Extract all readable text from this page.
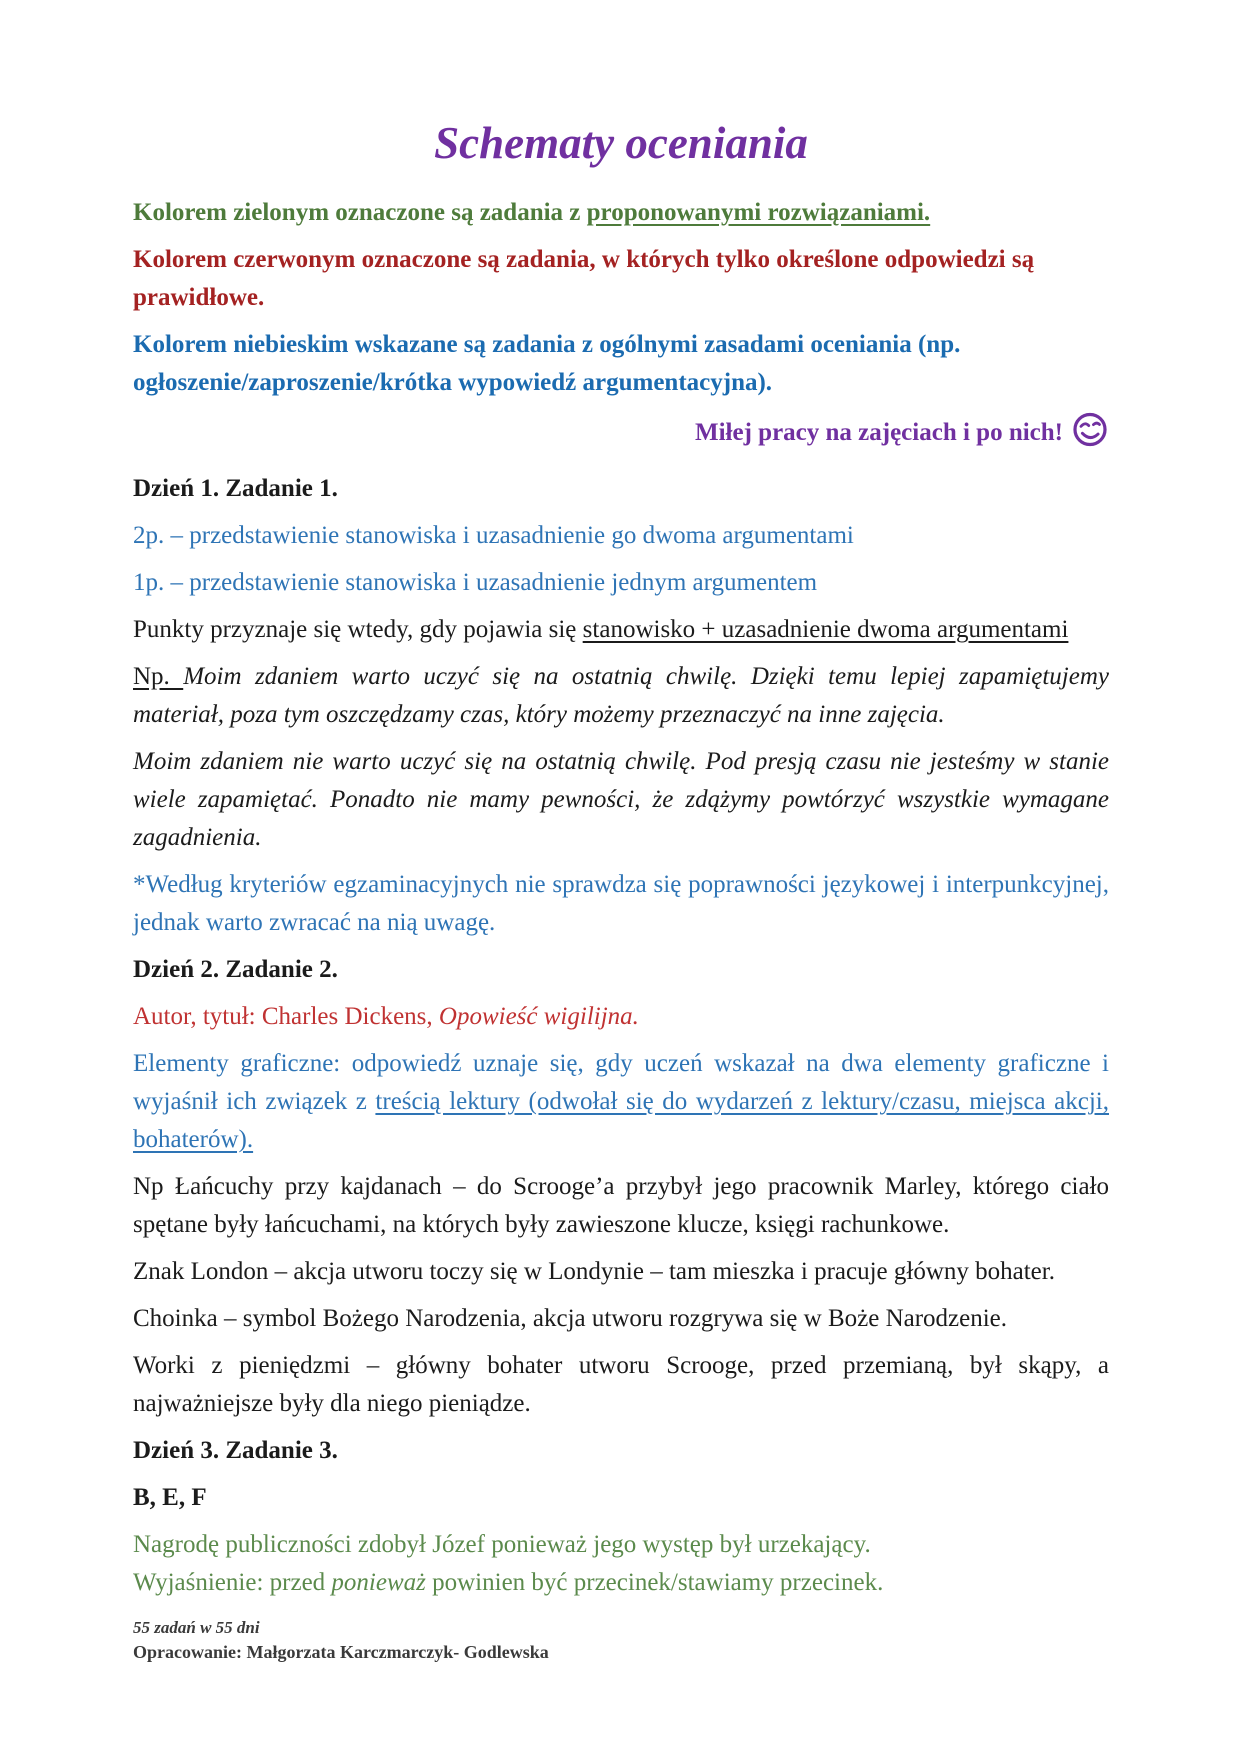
Schematy oceniania
Kolorem zielonym oznaczone są zadania z proponowanymi rozwiązaniami.
Kolorem czerwonym oznaczone są zadania, w których tylko określone odpowiedzi są prawidłowe.
Kolorem niebieskim wskazane są zadania z ogólnymi zasadami oceniania (np. ogłoszenie/zaproszenie/krótka wypowiedź argumentacyjna).
Miłej pracy na zajęciach i po nich!
Dzień 1. Zadanie 1.
2p. – przedstawienie stanowiska i uzasadnienie go dwoma argumentami
1p. – przedstawienie stanowiska i uzasadnienie jednym argumentem
Punkty przyznaje się wtedy, gdy pojawia się stanowisko + uzasadnienie dwoma argumentami
Np. Moim zdaniem warto uczyć się na ostatnią chwilę. Dzięki temu lepiej zapamiętujemy materiał, poza tym oszczędzamy czas, który możemy przeznaczyć na inne zajęcia.
Moim zdaniem nie warto uczyć się na ostatnią chwilę. Pod presją czasu nie jesteśmy w stanie wiele zapamiętać. Ponadto nie mamy pewności, że zdążymy powtórzyć wszystkie wymagane zagadnienia.
*Według kryteriów egzaminacyjnych nie sprawdza się poprawności językowej i interpunkcyjnej, jednak warto zwracać na nią uwagę.
Dzień 2. Zadanie 2.
Autor, tytuł: Charles Dickens, Opowieść wigilijna.
Elementy graficzne: odpowiedź uznaje się, gdy uczeń wskazał na dwa elementy graficzne i wyjaśnił ich związek z treścią lektury (odwołał się do wydarzeń z lektury/czasu, miejsca akcji, bohaterów).
Np Łańcuchy przy kajdanach – do Scrooge’a przybył jego pracownik Marley, którego ciało spętane były łańcuchami, na których były zawieszone klucze, księgi rachunkowe.
Znak London – akcja utworu toczy się w Londynie – tam mieszka i pracuje główny bohater.
Choinka – symbol Bożego Narodzenia, akcja utworu rozgrywa się w Boże Narodzenie.
Worki z pieniędzmi – główny bohater utworu Scrooge, przed przemianą, był skąpy, a najważniejsze były dla niego pieniądze.
Dzień 3. Zadanie 3.
B, E, F
Nagrodę publiczności zdobył Józef ponieważ jego występ był urzekający.
Wyjaśnienie: przed ponieważ powinien być przecinek/stawiamy przecinek.
55 zadań w 55 dni
Opracowanie: Małgorzata Karczmarczyk- Godlewska
